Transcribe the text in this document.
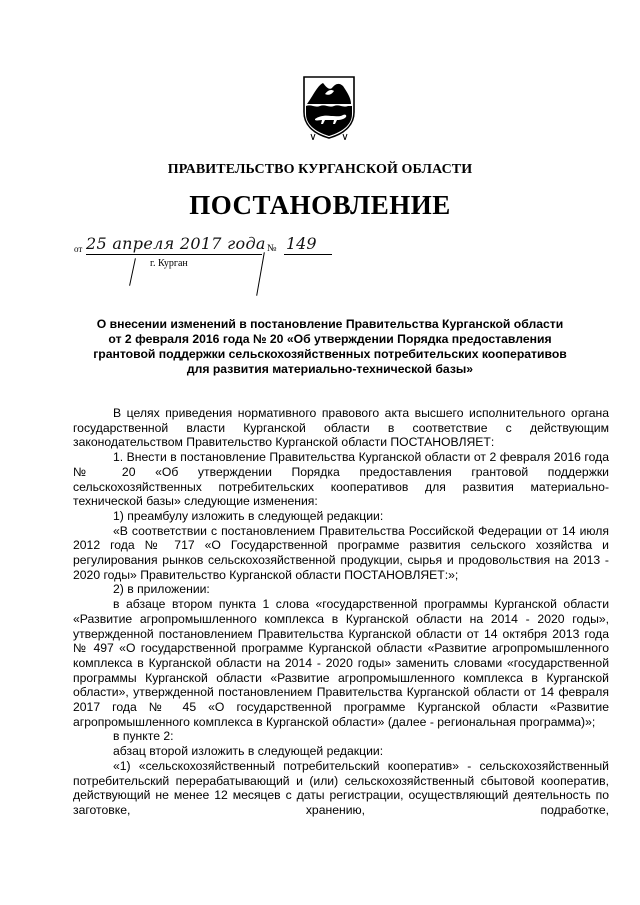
ПРАВИТЕЛЬСТВО КУРГАНСКОЙ ОБЛАСТИ
ПОСТАНОВЛЕНИЕ
от 25 апреля 2017 года № 149
г. Курган
О внесении изменений в постановление Правительства Курганской области
от 2 февраля 2016 года № 20 «Об утверждении Порядка предоставления
грантовой поддержки сельскохозяйственных потребительских кооперативов
для развития материально-технической базы»

В целях приведения нормативного правового акта высшего исполнительного органа государственной власти Курганской области в соответствие с действующим законодательством Правительство Курганской области ПОСТАНОВЛЯЕТ:

1. Внести в постановление Правительства Курганской области от 2 февраля 2016 года № 20 «Об утверждении Порядка предоставления грантовой поддержки сельскохозяйственных потребительских кооперативов для развития материально-технической базы» следующие изменения:

1) преамбулу изложить в следующей редакции:

«В соответствии с постановлением Правительства Российской Федерации от 14 июля 2012 года № 717 «О Государственной программе развития сельского хозяйства и регулирования рынков сельскохозяйственной продукции, сырья и продовольствия на 2013 - 2020 годы» Правительство Курганской области ПОСТАНОВЛЯЕТ:»;

2) в приложении:

в абзаце втором пункта 1 слова «государственной программы Курганской области «Развитие агропромышленного комплекса в Курганской области на 2014 - 2020 годы», утвержденной постановлением Правительства Курганской области от 14 октября 2013 года № 497 «О государственной программе Курганской области «Развитие агропромышленного комплекса в Курганской области на 2014 - 2020 годы» заменить словами «государственной программы Курганской области «Развитие агропромышленного комплекса в Курганской области», утвержденной постановлением Правительства Курганской области от 14 февраля 2017 года № 45 «О государственной программе Курганской области «Развитие агропромышленного комплекса в Курганской области» (далее - региональная программа)»;

в пункте 2:

абзац второй изложить в следующей редакции:

«1) «сельскохозяйственный потребительский кооператив» - сельскохозяйственный потребительский перерабатывающий и (или) сельскохозяйственный сбытовой кооператив, действующий не менее 12 месяцев с даты регистрации, осуществляющий деятельность по заготовке, хранению, подработке,
